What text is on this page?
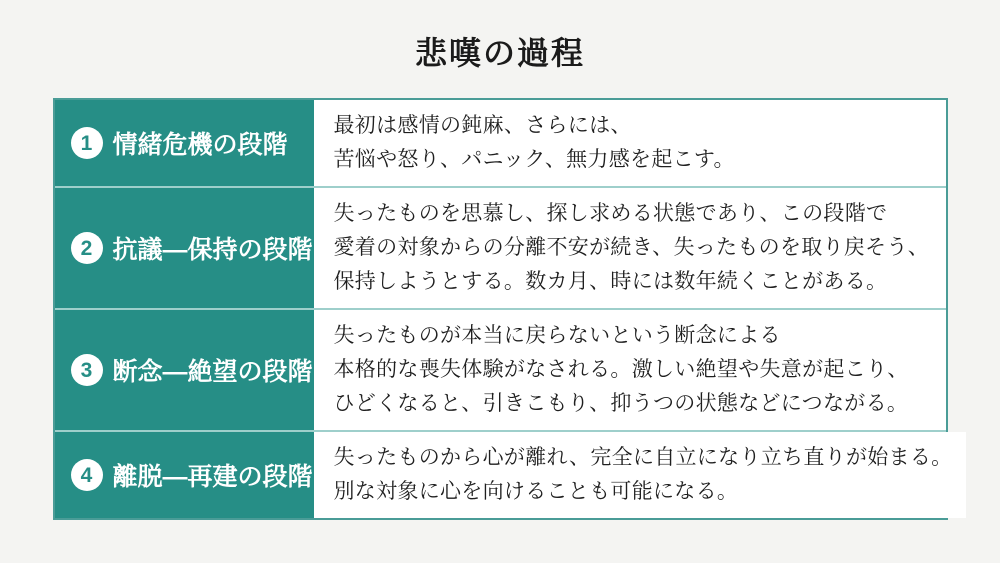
悲嘆の過程
1 情緒危機の段階
最初は感情の鈍麻、さらには、
苦悩や怒り、パニック、無力感を起こす。
2 抗議―保持の段階
失ったものを思慕し、探し求める状態であり、この段階で
愛着の対象からの分離不安が続き、失ったものを取り戻そう、
保持しようとする。数カ月、時には数年続くことがある。
3 断念―絶望の段階
失ったものが本当に戻らないという断念による
本格的な喪失体験がなされる。激しい絶望や失意が起こり、
ひどくなると、引きこもり、抑うつの状態などにつながる。
4 離脱―再建の段階
失ったものから心が離れ、完全に自立になり立ち直りが始まる。
別な対象に心を向けることも可能になる。
